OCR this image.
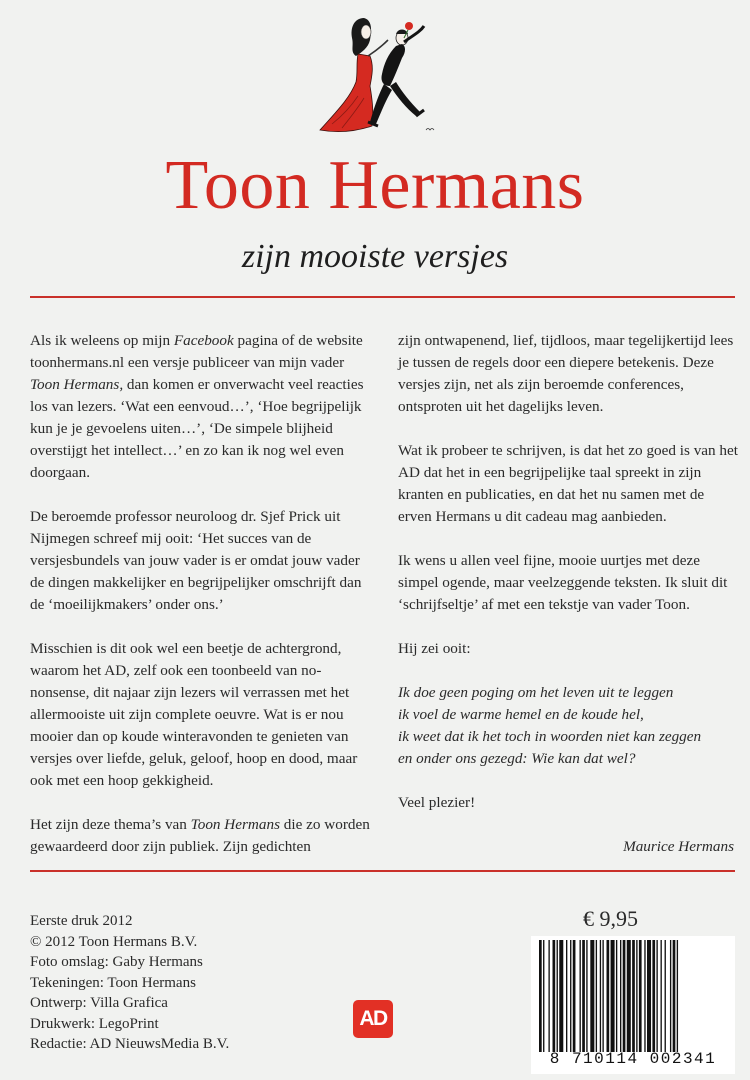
Toon Hermans
zijn mooiste versjes

Als ik weleens op mijn Facebook pagina of de website toonhermans.nl een versje publiceer van mijn vader Toon Hermans, dan komen er onverwacht veel reacties los van lezers. ‘Wat een eenvoud…’, ‘Hoe begrijpelijk kun je je gevoelens uiten…’, ‘De simpele blijheid overstijgt het intellect…’ en zo kan ik nog wel even doorgaan.

De beroemde professor neuroloog dr. Sjef Prick uit Nijmegen schreef mij ooit: ‘Het succes van de versjesbundels van jouw vader is er omdat jouw vader de dingen makkelijker en begrijpelijker omschrijft dan de ‘moeilijkmakers’ onder ons.’

Misschien is dit ook wel een beetje de achtergrond, waarom het AD, zelf ook een toonbeeld van no-nonsense, dit najaar zijn lezers wil verrassen met het allermooiste uit zijn complete oeuvre. Wat is er nou mooier dan op koude winteravonden te genieten van versjes over liefde, geluk, geloof, hoop en dood, maar ook met een hoop gekkigheid.

Het zijn deze thema’s van Toon Hermans die zo worden gewaardeerd door zijn publiek. Zijn gedichten

zijn ontwapenend, lief, tijdloos, maar tegelijkertijd lees je tussen de regels door een diepere betekenis. Deze versjes zijn, net als zijn beroemde conferences, ontsproten uit het dagelijks leven.

Wat ik probeer te schrijven, is dat het zo goed is van het AD dat het in een begrijpelijke taal spreekt in zijn kranten en publicaties, en dat het nu samen met de erven Hermans u dit cadeau mag aanbieden.

Ik wens u allen veel fijne, mooie uurtjes met deze simpel ogende, maar veelzeggende teksten. Ik sluit dit ‘schrijfseltje’ af met een tekstje van vader Toon.

Hij zei ooit:

Ik doe geen poging om het leven uit te leggen
ik voel de warme hemel en de koude hel,
ik weet dat ik het toch in woorden niet kan zeggen
en onder ons gezegd: Wie kan dat wel?

Veel plezier!

Maurice Hermans

Eerste druk 2012
© 2012 Toon Hermans B.V.
Foto omslag: Gaby Hermans
Tekeningen: Toon Hermans
Ontwerp: Villa Grafica
Drukwerk: LegoPrint
Redactie: AD NieuwsMedia B.V.
AD
€ 9,95
8 710114 002341
